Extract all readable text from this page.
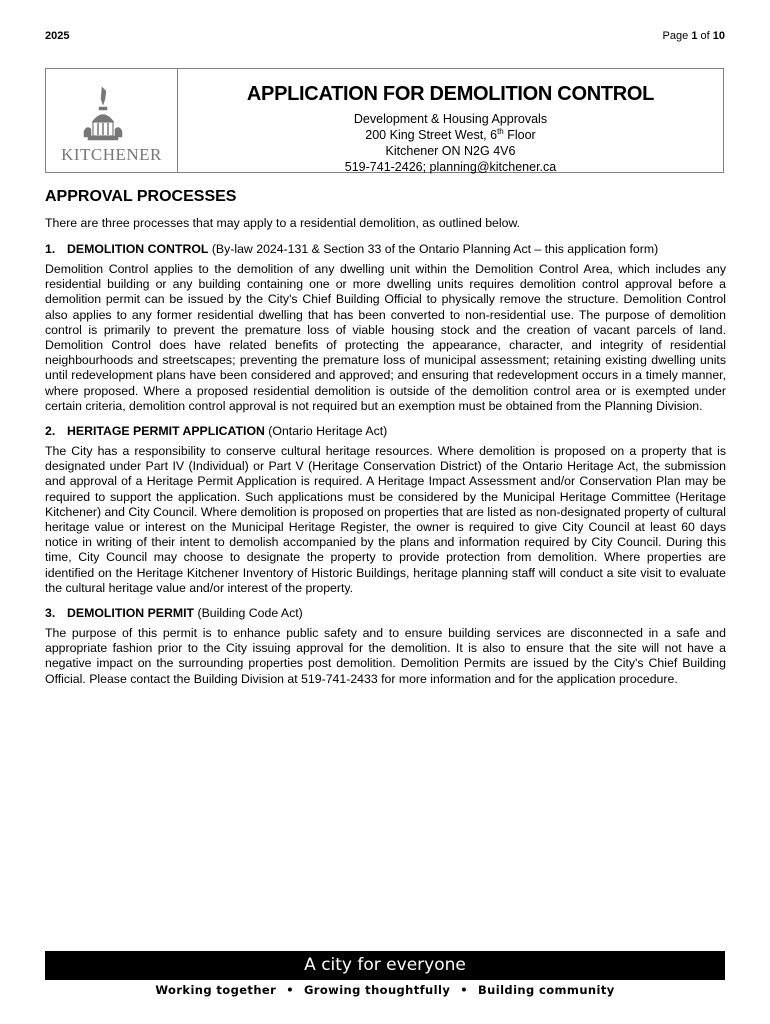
2025	Page 1 of 10
KITCHENER
APPLICATION FOR DEMOLITION CONTROL
Development & Housing Approvals
200 King Street West, 6th Floor
Kitchener ON N2G 4V6
519-741-2426; planning@kitchener.ca
APPROVAL PROCESSES

There are three processes that may apply to a residential demolition, as outlined below.

1. DEMOLITION CONTROL (By-law 2024-131 & Section 33 of the Ontario Planning Act – this application form)

Demolition Control applies to the demolition of any dwelling unit within the Demolition Control Area, which includes any residential building or any building containing one or more dwelling units requires demolition control approval before a demolition permit can be issued by the City's Chief Building Official to physically remove the structure. Demolition Control also applies to any former residential dwelling that has been converted to non-residential use. The purpose of demolition control is primarily to prevent the premature loss of viable housing stock and the creation of vacant parcels of land. Demolition Control does have related benefits of protecting the appearance, character, and integrity of residential neighbourhoods and streetscapes; preventing the premature loss of municipal assessment; retaining existing dwelling units until redevelopment plans have been considered and approved; and ensuring that redevelopment occurs in a timely manner, where proposed. Where a proposed residential demolition is outside of the demolition control area or is exempted under certain criteria, demolition control approval is not required but an exemption must be obtained from the Planning Division.

2. HERITAGE PERMIT APPLICATION (Ontario Heritage Act)

The City has a responsibility to conserve cultural heritage resources. Where demolition is proposed on a property that is designated under Part IV (Individual) or Part V (Heritage Conservation District) of the Ontario Heritage Act, the submission and approval of a Heritage Permit Application is required. A Heritage Impact Assessment and/or Conservation Plan may be required to support the application. Such applications must be considered by the Municipal Heritage Committee (Heritage Kitchener) and City Council. Where demolition is proposed on properties that are listed as non-designated property of cultural heritage value or interest on the Municipal Heritage Register, the owner is required to give City Council at least 60 days notice in writing of their intent to demolish accompanied by the plans and information required by City Council. During this time, City Council may choose to designate the property to provide protection from demolition. Where properties are identified on the Heritage Kitchener Inventory of Historic Buildings, heritage planning staff will conduct a site visit to evaluate the cultural heritage value and/or interest of the property.

3. DEMOLITION PERMIT (Building Code Act)

The purpose of this permit is to enhance public safety and to ensure building services are disconnected in a safe and appropriate fashion prior to the City issuing approval for the demolition. It is also to ensure that the site will not have a negative impact on the surrounding properties post demolition. Demolition Permits are issued by the City's Chief Building Official. Please contact the Building Division at 519-741-2433 for more information and for the application procedure.

A city for everyone
Working together • Growing thoughtfully • Building community
